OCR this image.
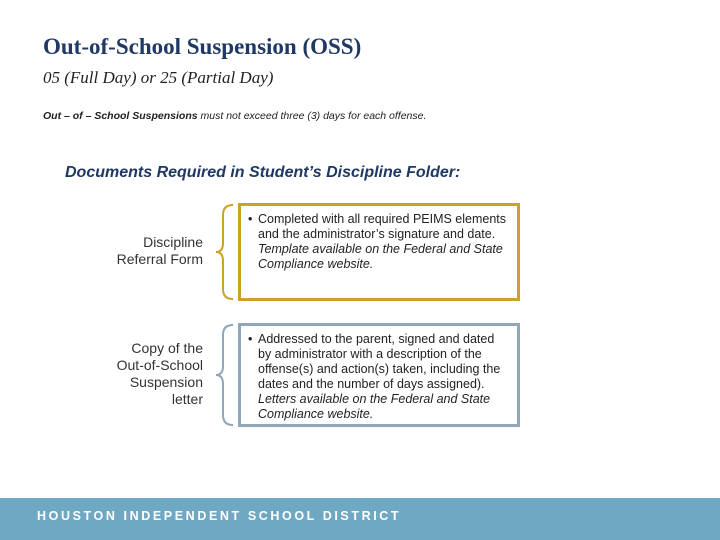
Out-of-School Suspension (OSS)
05 (Full Day) or 25 (Partial Day)
Out – of – School Suspensions must not exceed three (3) days for each offense.
Documents Required in Student’s Discipline Folder:
Discipline
Referral Form
• Completed with all required PEIMS elements and the administrator’s signature and date. Template available on the Federal and State Compliance website.
Copy of the
Out-of-School
Suspension
letter
• Addressed to the parent, signed and dated by administrator with a description of the offense(s) and action(s) taken, including the dates and the number of days assigned). Letters available on the Federal and State Compliance website.
HOUSTON INDEPENDENT SCHOOL DISTRICT
